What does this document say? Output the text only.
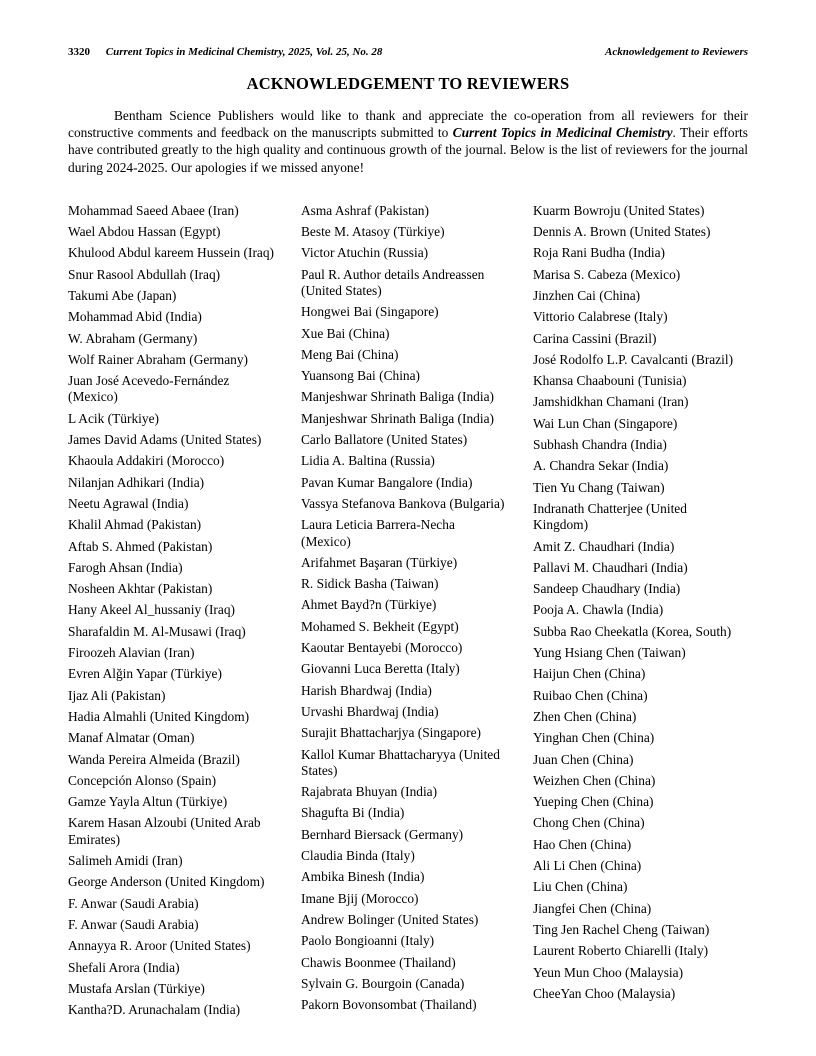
3320 Current Topics in Medicinal Chemistry, 2025, Vol. 25, No. 28	Acknowledgement to Reviewers
ACKNOWLEDGEMENT TO REVIEWERS

Bentham Science Publishers would like to thank and appreciate the co-operation from all reviewers for their constructive comments and feedback on the manuscripts submitted to Current Topics in Medicinal Chemistry. Their efforts have contributed greatly to the high quality and continuous growth of the journal. Below is the list of reviewers for the journal during 2024-2025. Our apologies if we missed anyone!

Mohammad Saeed Abaee (Iran)
Wael Abdou Hassan (Egypt)
Khulood Abdul kareem Hussein (Iraq)
Snur Rasool Abdullah (Iraq)
Takumi Abe (Japan)
Mohammad Abid (India)
W. Abraham (Germany)
Wolf Rainer Abraham (Germany)
Juan José Acevedo-Fernández (Mexico)
L Acik (Türkiye)
James David Adams (United States)
Khaoula Addakiri (Morocco)
Nilanjan Adhikari (India)
Neetu Agrawal (India)
Khalil Ahmad (Pakistan)
Aftab S. Ahmed (Pakistan)
Farogh Ahsan (India)
Nosheen Akhtar (Pakistan)
Hany Akeel Al_hussaniy (Iraq)
Sharafaldin M. Al-Musawi (Iraq)
Firoozeh Alavian (Iran)
Evren Alğin Yapar (Türkiye)
Ijaz Ali (Pakistan)
Hadia Almahli (United Kingdom)
Manaf Almatar (Oman)
Wanda Pereira Almeida (Brazil)
Concepción Alonso (Spain)
Gamze Yayla Altun (Türkiye)
Karem Hasan Alzoubi (United Arab Emirates)
Salimeh Amidi (Iran)
George Anderson (United Kingdom)
F. Anwar (Saudi Arabia)
F. Anwar (Saudi Arabia)
Annayya R. Aroor (United States)
Shefali Arora (India)
Mustafa Arslan (Türkiye)
Kantha?D. Arunachalam (India)
Asma Ashraf (Pakistan)
Beste M. Atasoy (Türkiye)
Victor Atuchin (Russia)
Paul R. Author details Andreassen (United States)
Hongwei Bai (Singapore)
Xue Bai (China)
Meng Bai (China)
Yuansong Bai (China)
Manjeshwar Shrinath Baliga (India)
Manjeshwar Shrinath Baliga (India)
Carlo Ballatore (United States)
Lidia A. Baltina (Russia)
Pavan Kumar Bangalore (India)
Vassya Stefanova Bankova (Bulgaria)
Laura Leticia Barrera-Necha (Mexico)
Arifahmet Başaran (Türkiye)
R. Sidick Basha (Taiwan)
Ahmet Bayd?n (Türkiye)
Mohamed S. Bekheit (Egypt)
Kaoutar Bentayebi (Morocco)
Giovanni Luca Beretta (Italy)
Harish Bhardwaj (India)
Urvashi Bhardwaj (India)
Surajit Bhattacharjya (Singapore)
Kallol Kumar Bhattacharyya (United States)
Rajabrata Bhuyan (India)
Shagufta Bi (India)
Bernhard Biersack (Germany)
Claudia Binda (Italy)
Ambika Binesh (India)
Imane Bjij (Morocco)
Andrew Bolinger (United States)
Paolo Bongioanni (Italy)
Chawis Boonmee (Thailand)
Sylvain G. Bourgoin (Canada)
Pakorn Bovonsombat (Thailand)
Kuarm Bowroju (United States)
Dennis A. Brown (United States)
Roja Rani Budha (India)
Marisa S. Cabeza (Mexico)
Jinzhen Cai (China)
Vittorio Calabrese (Italy)
Carina Cassini (Brazil)
José Rodolfo L.P. Cavalcanti (Brazil)
Khansa Chaabouni (Tunisia)
Jamshidkhan Chamani (Iran)
Wai Lun Chan (Singapore)
Subhash Chandra (India)
A. Chandra Sekar (India)
Tien Yu Chang (Taiwan)
Indranath Chatterjee (United Kingdom)
Amit Z. Chaudhari (India)
Pallavi M. Chaudhari (India)
Sandeep Chaudhary (India)
Pooja A. Chawla (India)
Subba Rao Cheekatla (Korea, South)
Yung Hsiang Chen (Taiwan)
Haijun Chen (China)
Ruibao Chen (China)
Zhen Chen (China)
Yinghan Chen (China)
Juan Chen (China)
Weizhen Chen (China)
Yueping Chen (China)
Chong Chen (China)
Hao Chen (China)
Ali Li Chen (China)
Liu Chen (China)
Jiangfei Chen (China)
Ting Jen Rachel Cheng (Taiwan)
Laurent Roberto Chiarelli (Italy)
Yeun Mun Choo (Malaysia)
CheeYan Choo (Malaysia)
